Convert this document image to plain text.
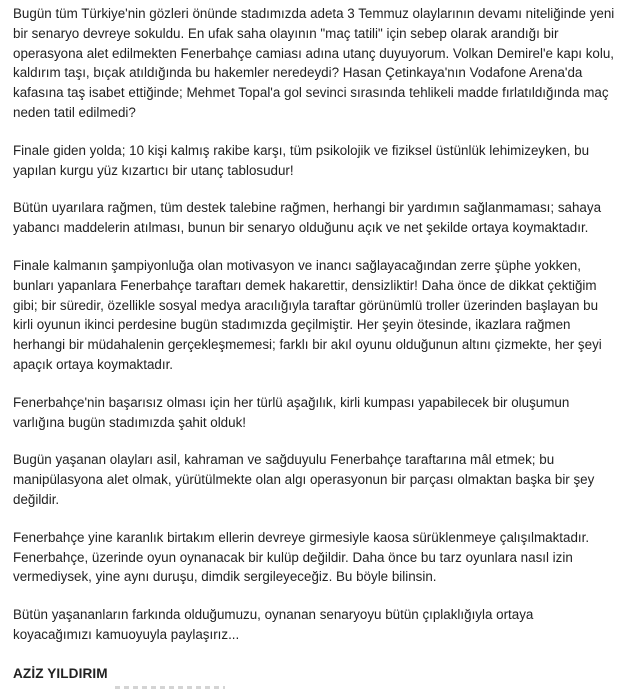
Bugün tüm Türkiye'nin gözleri önünde stadımızda adeta 3 Temmuz olaylarının devamı niteliğinde yeni
bir senaryo devreye sokuldu. En ufak saha olayının "maç tatili" için sebep olarak arandığı bir
operasyona alet edilmekten Fenerbahçe camiası adına utanç duyuyorum. Volkan Demirel'e kapı kolu,
kaldırım taşı, bıçak atıldığında bu hakemler neredeydi? Hasan Çetinkaya'nın Vodafone Arena'da
kafasına taş isabet ettiğinde; Mehmet Topal'a gol sevinci sırasında tehlikeli madde fırlatıldığında maç
neden tatil edilmedi?

Finale giden yolda; 10 kişi kalmış rakibe karşı, tüm psikolojik ve fiziksel üstünlük lehimizeyken, bu
yapılan kurgu yüz kızartıcı bir utanç tablosudur!

Bütün uyarılara rağmen, tüm destek talebine rağmen, herhangi bir yardımın sağlanmaması; sahaya
yabancı maddelerin atılması, bunun bir senaryo olduğunu açık ve net şekilde ortaya koymaktadır.

Finale kalmanın şampiyonluğa olan motivasyon ve inancı sağlayacağından zerre şüphe yokken,
bunları yapanlara Fenerbahçe taraftarı demek hakarettir, densizliktir! Daha önce de dikkat çektiğim
gibi; bir süredir, özellikle sosyal medya aracılığıyla taraftar görünümlü troller üzerinden başlayan bu
kirli oyunun ikinci perdesine bugün stadımızda geçilmiştir. Her şeyin ötesinde, ikazlara rağmen
herhangi bir müdahalenin gerçekleşmemesi; farklı bir akıl oyunu olduğunun altını çizmekte, her şeyi
apaçık ortaya koymaktadır.

Fenerbahçe'nin başarısız olması için her türlü aşağılık, kirli kumpası yapabilecek bir oluşumun
varlığına bugün stadımızda şahit olduk!

Bugün yaşanan olayları asil, kahraman ve sağduyulu Fenerbahçe taraftarına mâl etmek; bu
manipülasyona alet olmak, yürütülmekte olan algı operasyonun bir parçası olmaktan başka bir şey
değildir.

Fenerbahçe yine karanlık birtakım ellerin devreye girmesiyle kaosa sürüklenmeye çalışılmaktadır.
Fenerbahçe, üzerinde oyun oynanacak bir kulüp değildir. Daha önce bu tarz oyunlara nasıl izin
vermediysek, yine aynı duruşu, dimdik sergileyeceğiz. Bu böyle bilinsin.

Bütün yaşananların farkında olduğumuzu, oynanan senaryoyu bütün çıplaklığıyla ortaya
koyacağımızı kamuoyuyla paylaşırız...

AZİZ YILDIRIM
